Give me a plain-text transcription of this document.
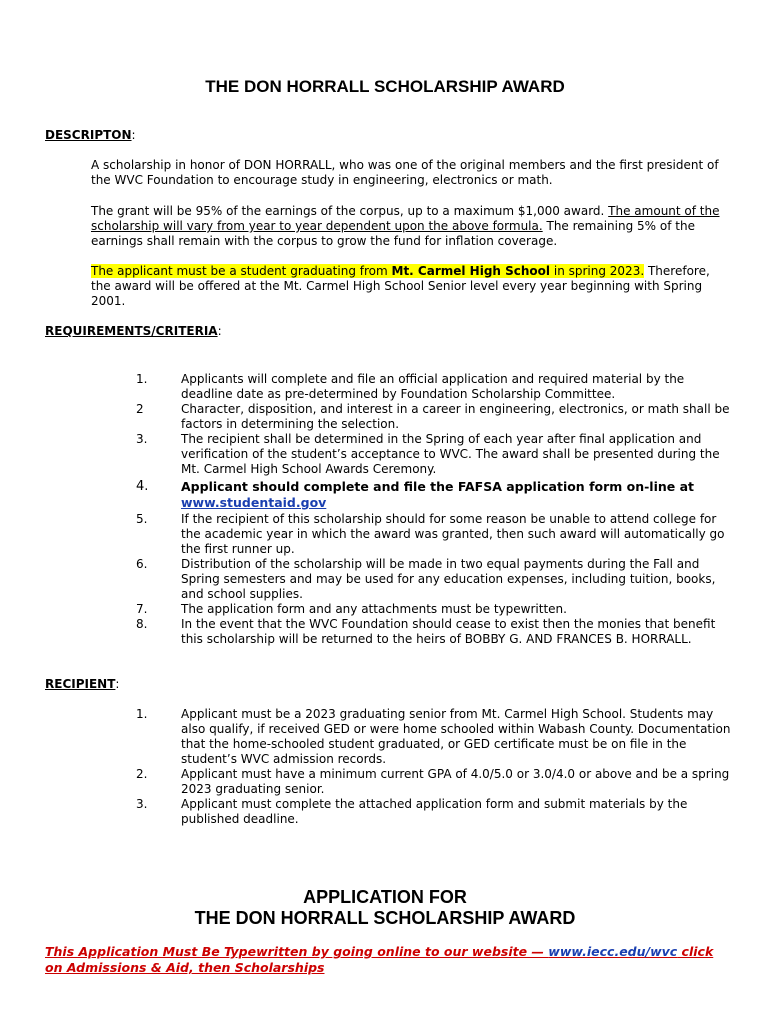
THE DON HORRALL SCHOLARSHIP AWARD
DESCRIPTON:
A scholarship in honor of DON HORRALL, who was one of the original members and the first president of the WVC Foundation to encourage study in engineering, electronics or math.
The grant will be 95% of the earnings of the corpus, up to a maximum $1,000 award. The amount of the scholarship will vary from year to year dependent upon the above formula. The remaining 5% of the earnings shall remain with the corpus to grow the fund for inflation coverage.
The applicant must be a student graduating from Mt. Carmel High School in spring 2023. Therefore, the award will be offered at the Mt. Carmel High School Senior level every year beginning with Spring 2001.
REQUIREMENTS/CRITERIA:
1.	Applicants will complete and file an official application and required material by the deadline date as pre-determined by Foundation Scholarship Committee.
2	Character, disposition, and interest in a career in engineering, electronics, or math shall be factors in determining the selection.
3.	The recipient shall be determined in the Spring of each year after final application and verification of the student’s acceptance to WVC. The award shall be presented during the Mt. Carmel High School Awards Ceremony.
4.	Applicant should complete and file the FAFSA application form on-line at www.studentaid.gov
5.	If the recipient of this scholarship should for some reason be unable to attend college for the academic year in which the award was granted, then such award will automatically go the first runner up.
6.	Distribution of the scholarship will be made in two equal payments during the Fall and Spring semesters and may be used for any education expenses, including tuition, books, and school supplies.
7.	The application form and any attachments must be typewritten.
8.	In the event that the WVC Foundation should cease to exist then the monies that benefit this scholarship will be returned to the heirs of BOBBY G. AND FRANCES B. HORRALL.
RECIPIENT:
1.	Applicant must be a 2023 graduating senior from Mt. Carmel High School. Students may also qualify, if received GED or were home schooled within Wabash County. Documentation that the home-schooled student graduated, or GED certificate must be on file in the student’s WVC admission records.
2.	Applicant must have a minimum current GPA of 4.0/5.0 or 3.0/4.0 or above and be a spring 2023 graduating senior.
3.	Applicant must complete the attached application form and submit materials by the published deadline.
APPLICATION FOR
THE DON HORRALL SCHOLARSHIP AWARD
This Application Must Be Typewritten by going online to our website — www.iecc.edu/wvc click on Admissions & Aid, then Scholarships
